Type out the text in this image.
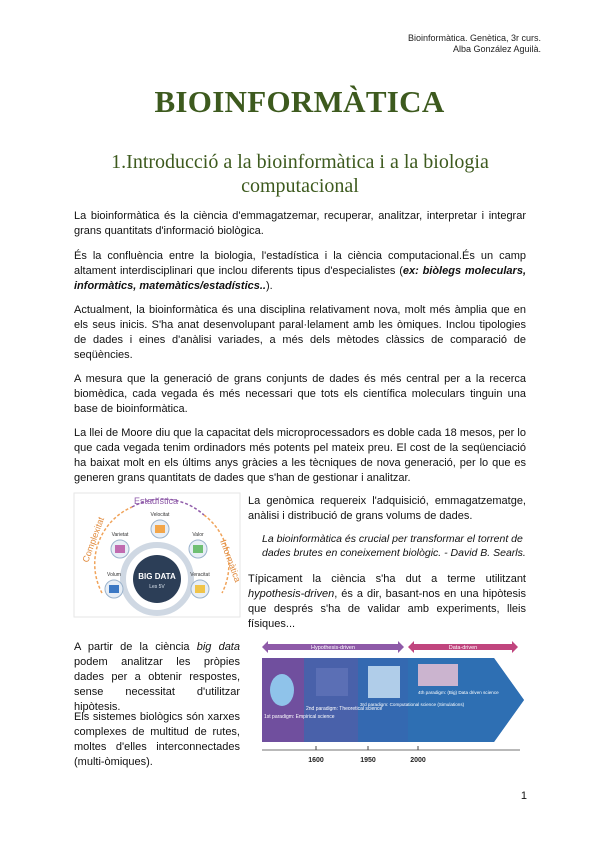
Bioinformàtica. Genètica, 3r curs.
Alba González Aguilà.
BIOINFORMÀTICA
1.Introducció a la bioinformàtica i a la biologia computacional

La bioinformàtica és la ciència d'emmagatzemar, recuperar, analitzar, interpretar i integrar grans quantitats d'informació biològica.

És la confluència entre la biologia, l'estadística i la ciència computacional.És un camp altament interdisciplinari que inclou diferents tipus d'especialistes (ex: biòlegs moleculars, informàtics, matemàtics/estadístics..).

Actualment, la bioinformàtica és una disciplina relativament nova, molt més àmplia que en els seus inicis. S'ha anat desenvolupant paral·lelament amb les òmiques. Inclou tipologies de dades i eines d'anàlisi variades, a més dels mètodes clàssics de comparació de seqüències.

A mesura que la generació de grans conjunts de dades és més central per a la recerca biomèdica, cada vegada és més necessari que tots els científica moleculars tinguin una base de bioinformàtica.

La llei de Moore diu que la capacitat dels microprocessadors es doble cada 18 mesos, per lo que cada vegada tenim ordinadors més potents pel mateix preu. El cost de la seqüenciació ha baixat molt en els últims anys gràcies a les tècniques de nova generació, per lo que es generen grans quantitats de dades que s'han de gestionar i analitzar.

Complexitat
Estadística
Informàtica
BIG DATA
Les 5V
Velocitat
Varietat	Valor
Volum	Veracitat

La genòmica requereix l'adquisició, emmagatzematge, anàlisi i distribució de grans volums de dades.

La bioinformàtica és crucial per transformar el torrent de dades brutes en coneixement biològic. - David B. Searls.

Típicament la ciència s'ha dut a terme utilitzant hypothesis-driven, és a dir, basant-nos en una hipòtesis que després s'ha de validar amb experiments, lleis físiques...

A partir de la ciència big data podem analitzar les pròpies dades per a obtenir respostes, sense necessitat d'utilitzar hipòtesis.

Els sistemes biològics són xarxes complexes de multitud de rutes, moltes d'elles interconnectades (multi-òmiques).

Hypothesis-driven	Data-driven
1st paradigm: Empirical science
2nd paradigm: Theoretical science
3rd paradigm: Computational science (Simulations)
4th paradigm: (Big) Data driven science
1600	1950	2000
1
